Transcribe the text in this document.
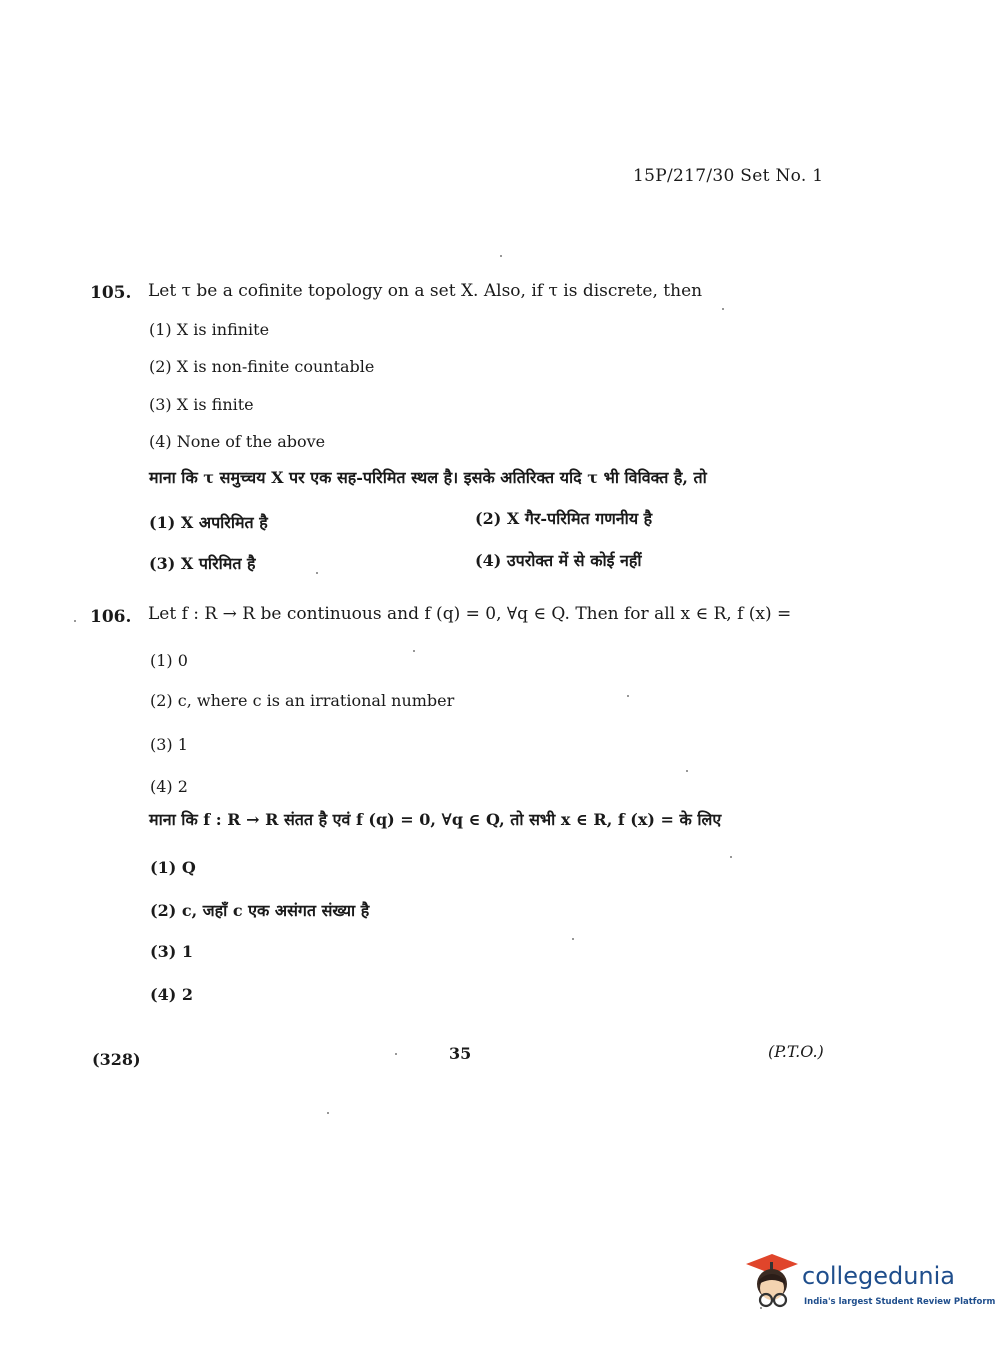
15P/217/30 Set No. 1
105. Let τ be a cofinite topology on a set X. Also, if τ is discrete, then
(1) X is infinite
(2) X is non-finite countable
(3) X is finite
(4) None of the above
माना कि τ समुच्चय X पर एक सह-परिमित स्थल है। इसके अतिरिक्त यदि τ भी विविक्त है, तो
(1) X अपरिमित है	(2) X गैर-परिमित गणनीय है
(3) X परिमित है	(4) उपरोक्त में से कोई नहीं
106. Let f : R → R be continuous and f (q) = 0, ∀q ∈ Q. Then for all x ∈ R, f (x) =
(1) 0
(2) c, where c is an irrational number
(3) 1
(4) 2
माना कि f : R → R संतत है एवं f (q) = 0, ∀q ∈ Q, तो सभी x ∈ R, f (x) = के लिए
(1) Q
(2) c, जहाँ c एक असंगत संख्या है
(3) 1
(4) 2
(328)	35	(P.T.O.)
collegedunia
India's largest Student Review Platform
